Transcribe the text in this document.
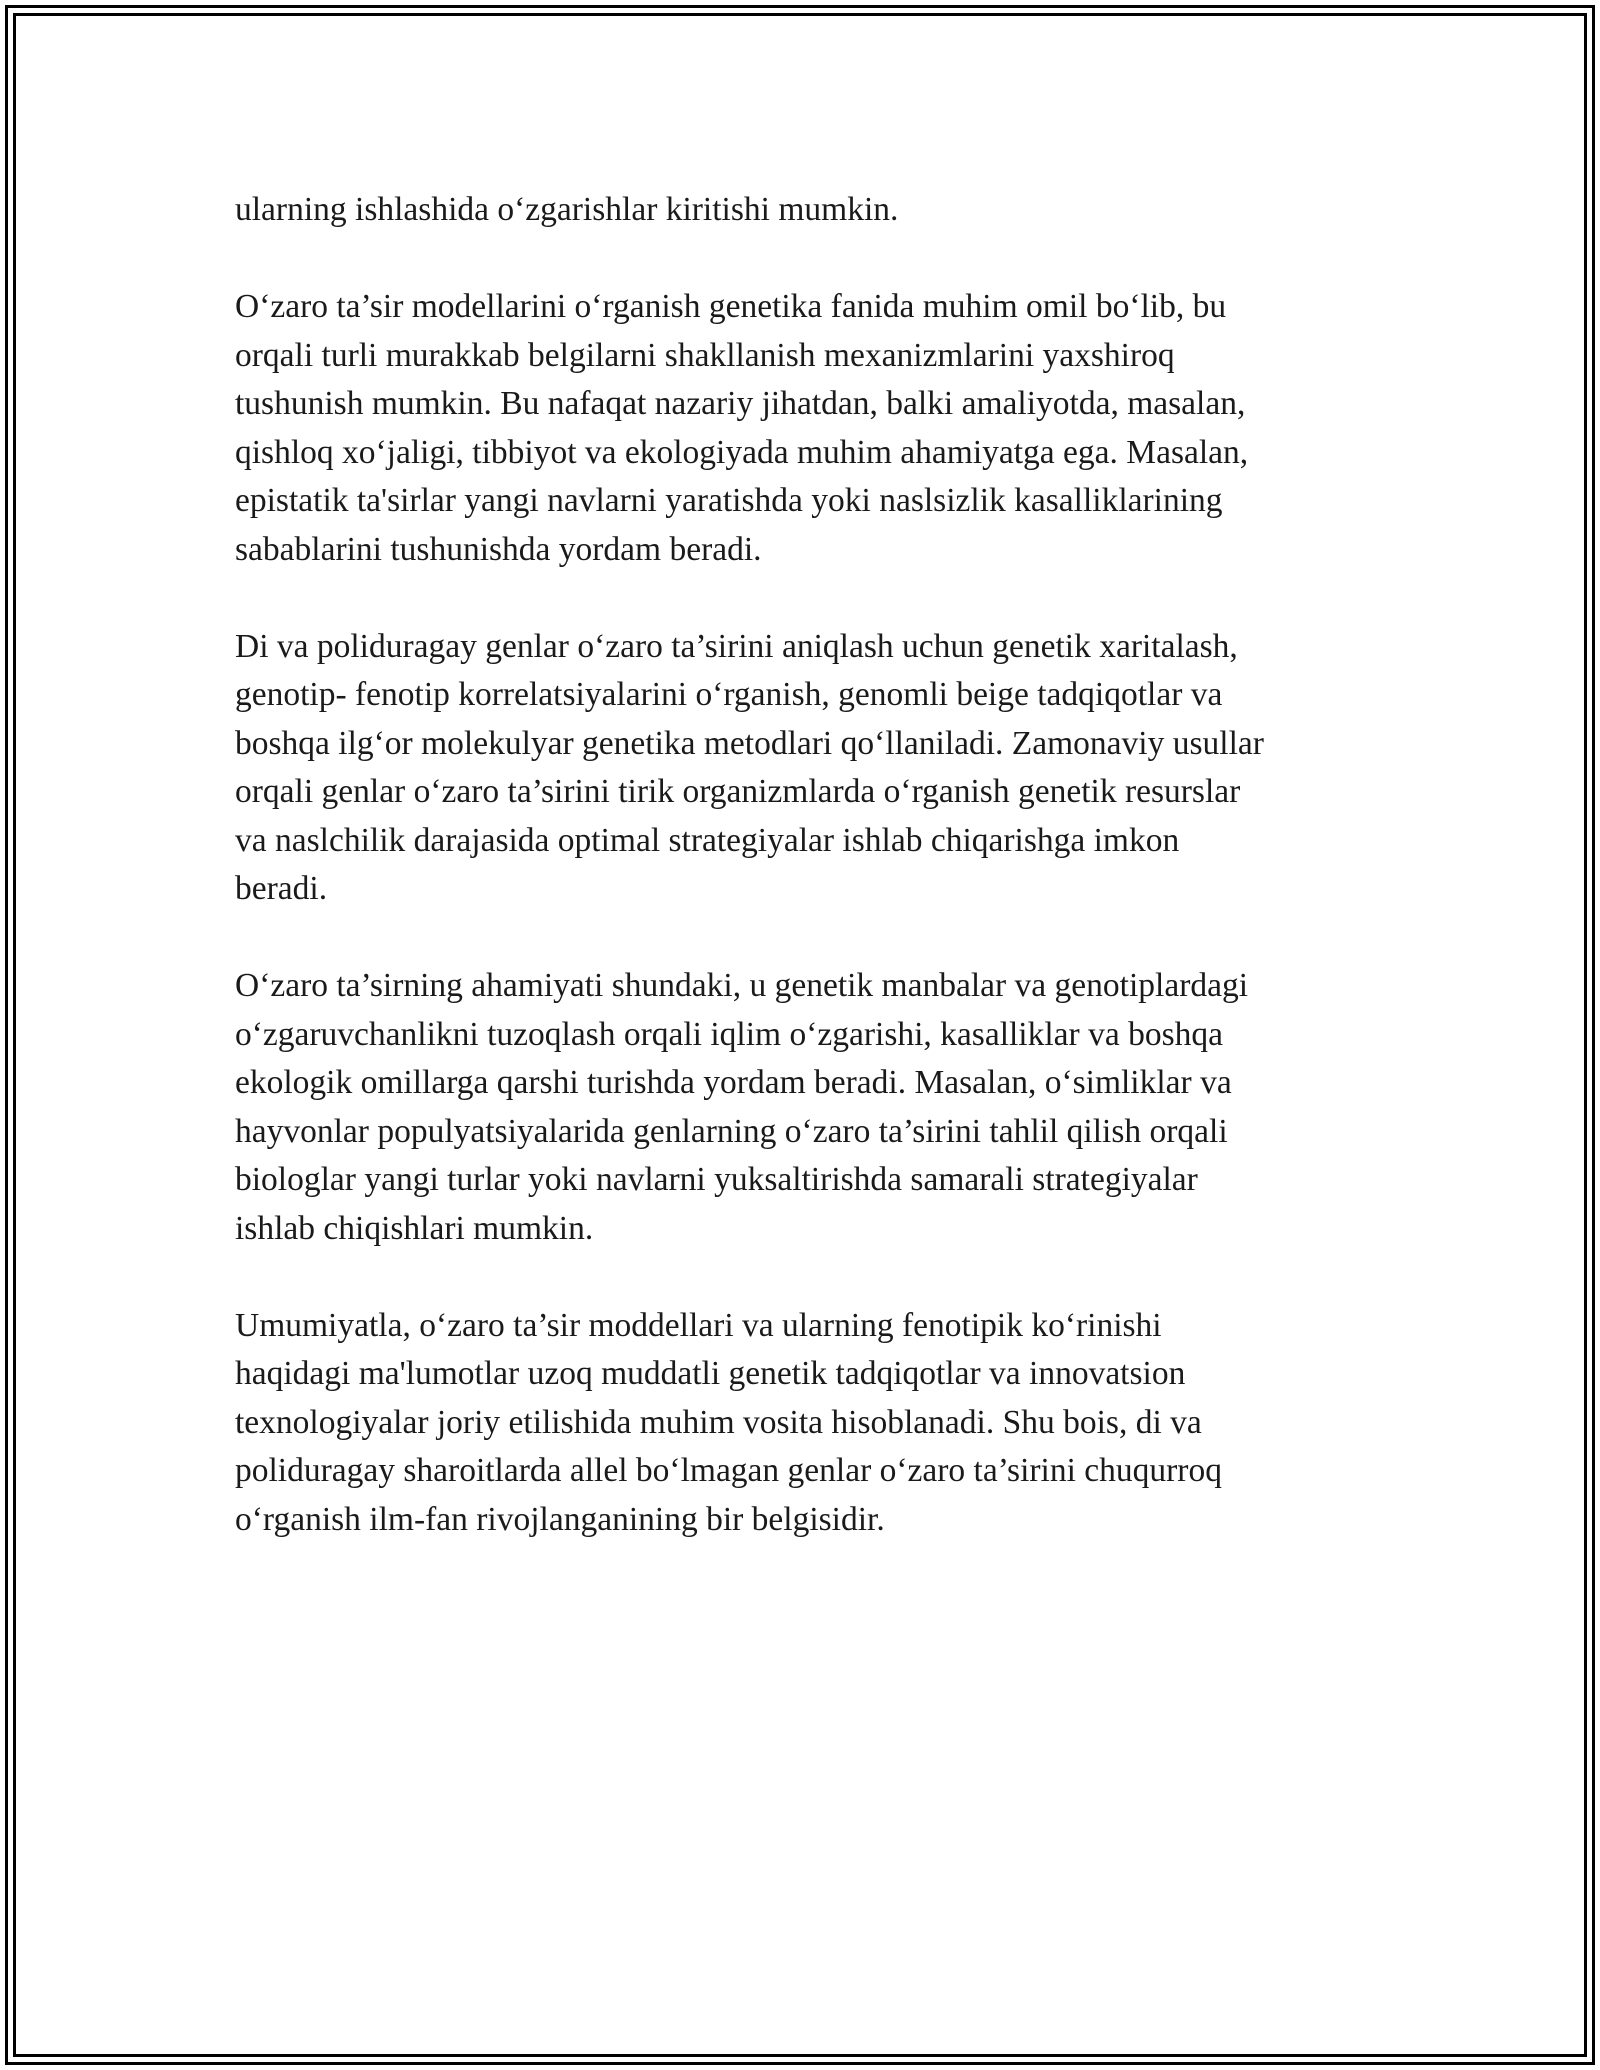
ularning ishlashida o‘zgarishlar kiritishi mumkin.

O‘zaro ta’sir modellarini o‘rganish genetika fanida muhim omil bo‘lib, bu
orqali turli murakkab belgilarni shakllanish mexanizmlarini yaxshiroq
tushunish mumkin. Bu nafaqat nazariy jihatdan, balki amaliyotda, masalan,
qishloq xo‘jaligi, tibbiyot va ekologiyada muhim ahamiyatga ega. Masalan,
epistatik ta'sirlar yangi navlarni yaratishda yoki naslsizlik kasalliklarining
sabablarini tushunishda yordam beradi.

Di va poliduragay genlar o‘zaro ta’sirini aniqlash uchun genetik xaritalash,
genotip- fenotip korrelatsiyalarini o‘rganish, genomli beige tadqiqotlar va
boshqa ilg‘or molekulyar genetika metodlari qo‘llaniladi. Zamonaviy usullar
orqali genlar o‘zaro ta’sirini tirik organizmlarda o‘rganish genetik resurslar
va naslchilik darajasida optimal strategiyalar ishlab chiqarishga imkon
beradi.

O‘zaro ta’sirning ahamiyati shundaki, u genetik manbalar va genotiplardagi
o‘zgaruvchanlikni tuzoqlash orqali iqlim o‘zgarishi, kasalliklar va boshqa
ekologik omillarga qarshi turishda yordam beradi. Masalan, o‘simliklar va
hayvonlar populyatsiyalarida genlarning o‘zaro ta’sirini tahlil qilish orqali
biologlar yangi turlar yoki navlarni yuksaltirishda samarali strategiyalar
ishlab chiqishlari mumkin.

Umumiyatla, o‘zaro ta’sir moddellari va ularning fenotipik ko‘rinishi
haqidagi ma'lumotlar uzoq muddatli genetik tadqiqotlar va innovatsion
texnologiyalar joriy etilishida muhim vosita hisoblanadi. Shu bois, di va
poliduragay sharoitlarda allel bo‘lmagan genlar o‘zaro ta’sirini chuqurroq
o‘rganish ilm-fan rivojlanganining bir belgisidir.
